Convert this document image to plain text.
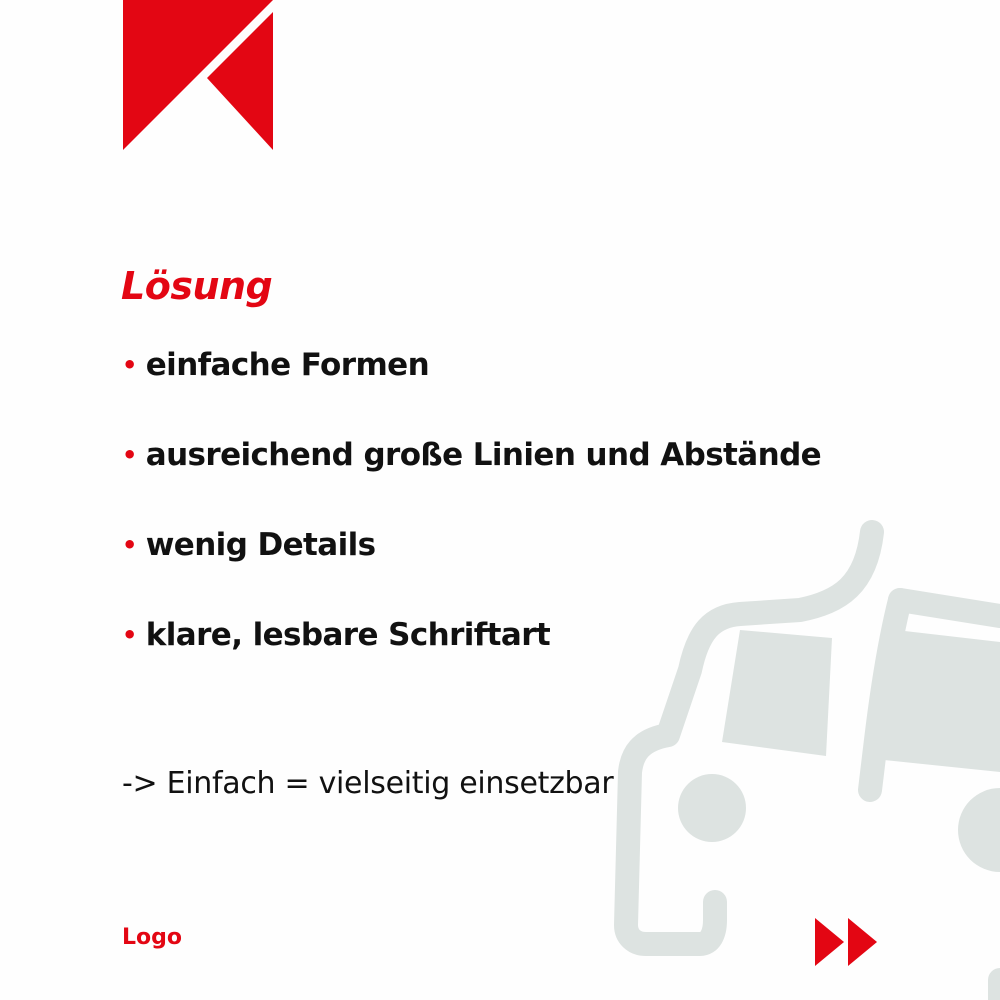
Lösung
• einfache Formen
• ausreichend große Linien und Abstände
• wenig Details
• klare, lesbare Schriftart
-> Einfach = vielseitig einsetzbar
Logo
